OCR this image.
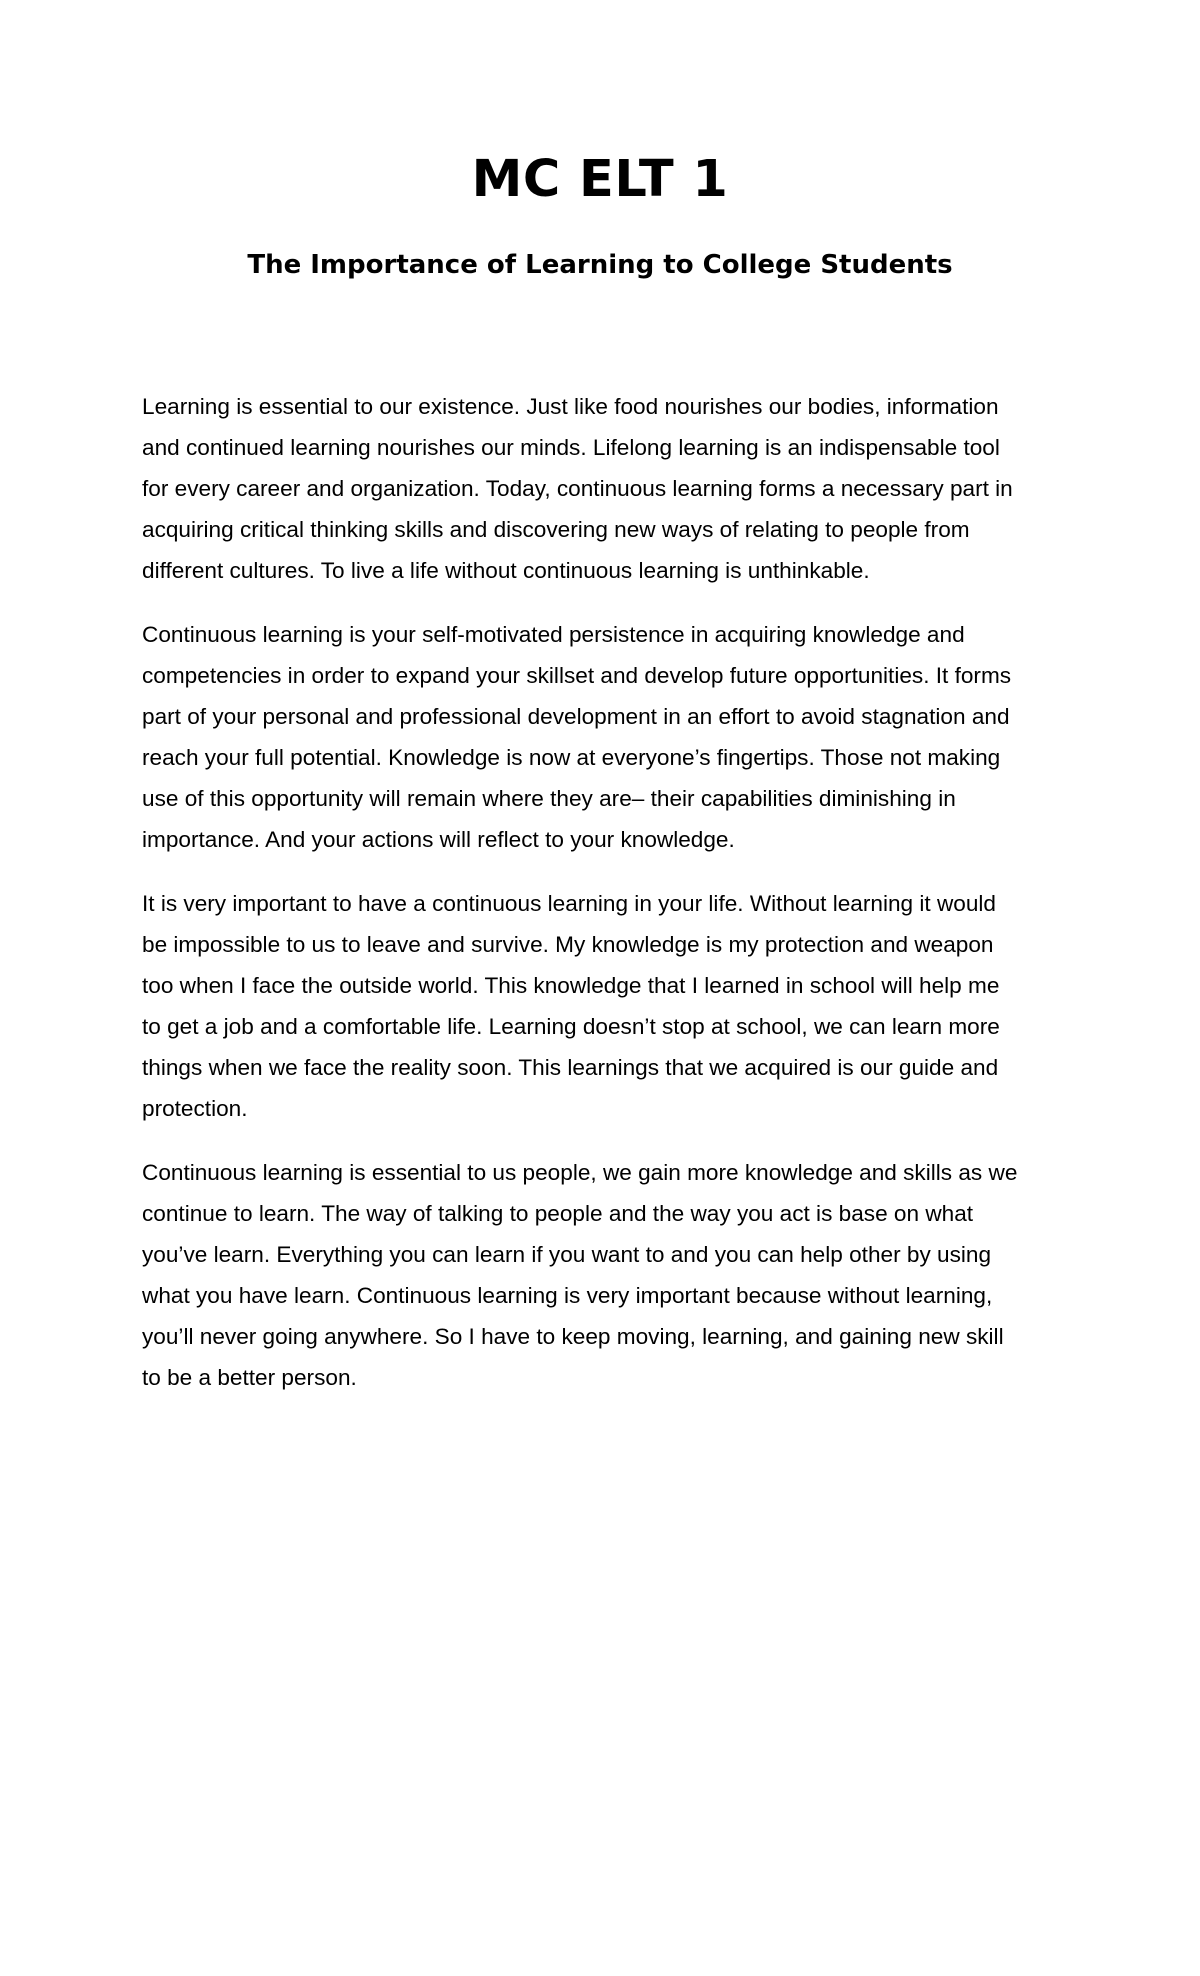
MC ELT 1
The Importance of Learning to College Students

Learning is essential to our existence. Just like food nourishes our bodies, information
and continued learning nourishes our minds. Lifelong learning is an indispensable tool
for every career and organization. Today, continuous learning forms a necessary part in
acquiring critical thinking skills and discovering new ways of relating to people from
different cultures. To live a life without continuous learning is unthinkable.

Continuous learning is your self-motivated persistence in acquiring knowledge and
competencies in order to expand your skillset and develop future opportunities. It forms
part of your personal and professional development in an effort to avoid stagnation and
reach your full potential. Knowledge is now at everyone’s fingertips. Those not making
use of this opportunity will remain where they are– their capabilities diminishing in
importance. And your actions will reflect to your knowledge.

It is very important to have a continuous learning in your life. Without learning it would
be impossible to us to leave and survive. My knowledge is my protection and weapon
too when I face the outside world. This knowledge that I learned in school will help me
to get a job and a comfortable life. Learning doesn’t stop at school, we can learn more
things when we face the reality soon. This learnings that we acquired is our guide and
protection.

Continuous learning is essential to us people, we gain more knowledge and skills as we
continue to learn. The way of talking to people and the way you act is base on what
you’ve learn. Everything you can learn if you want to and you can help other by using
what you have learn. Continuous learning is very important because without learning,
you’ll never going anywhere. So I have to keep moving, learning, and gaining new skill
to be a better person.
